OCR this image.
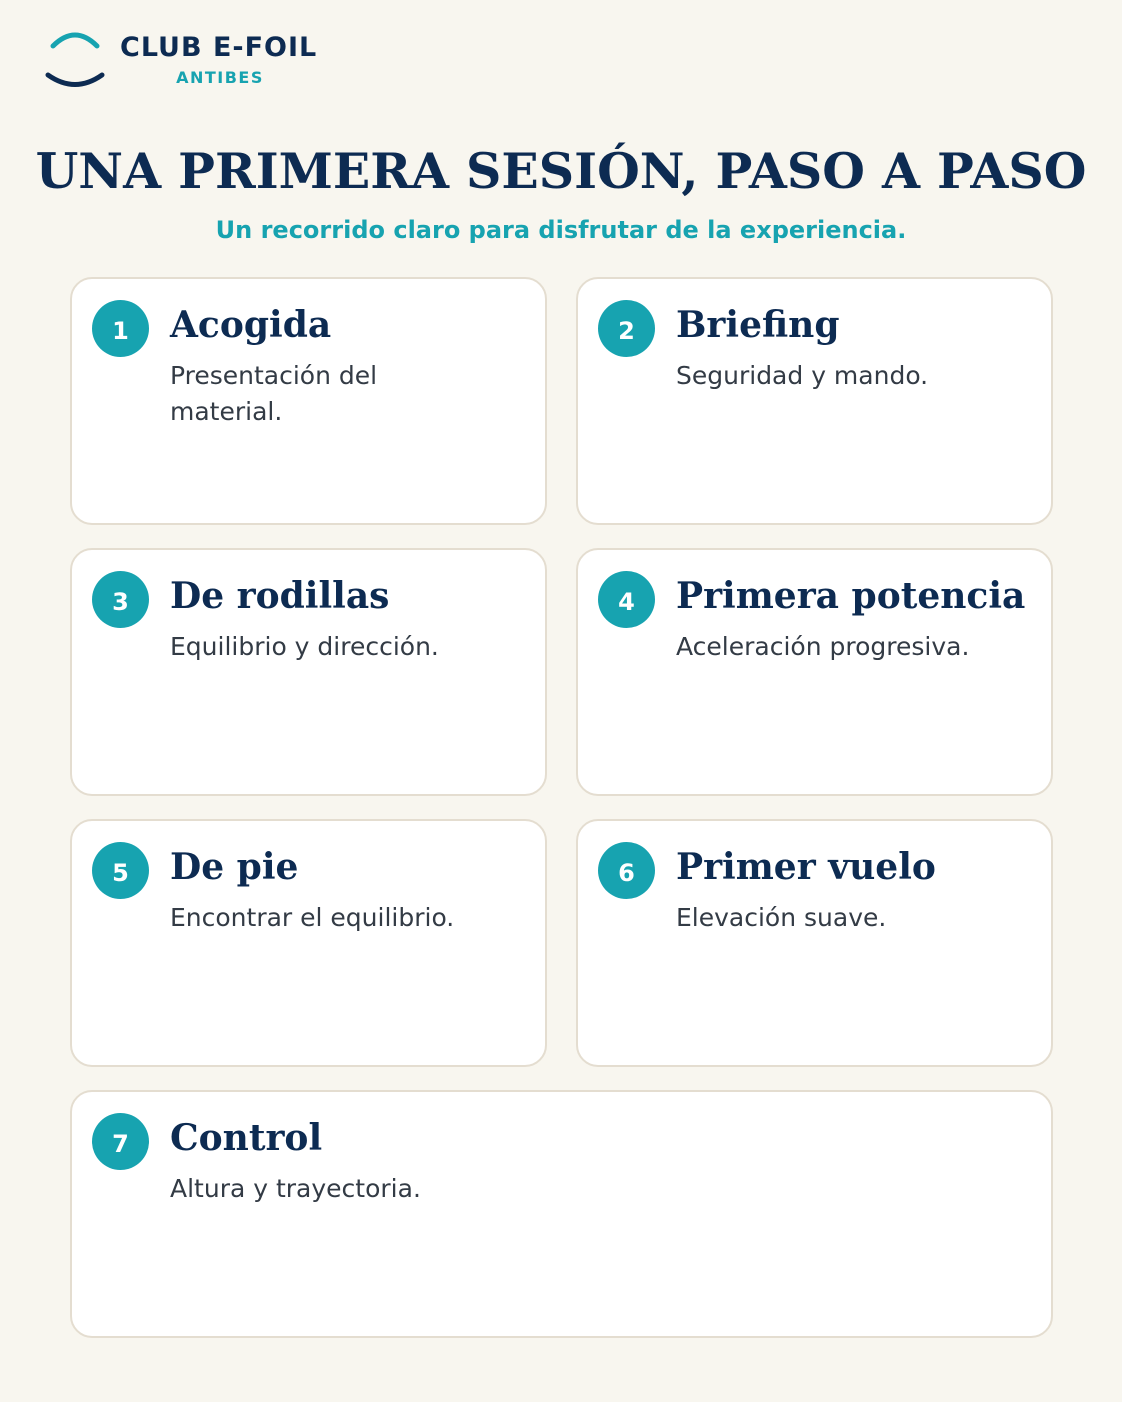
CLUB E-FOIL
ANTIBES
UNA PRIMERA SESIÓN, PASO A PASO

Un recorrido claro para disfrutar de la experiencia.

1	Acogida
Presentación del material.
2	Briefing
Seguridad y mando.
3	De rodillas
Equilibrio y dirección.
4	Primera potencia
Aceleración progresiva.
5	De pie
Encontrar el equilibrio.
6	Primer vuelo
Elevación suave.
7	Control
Altura y trayectoria.
